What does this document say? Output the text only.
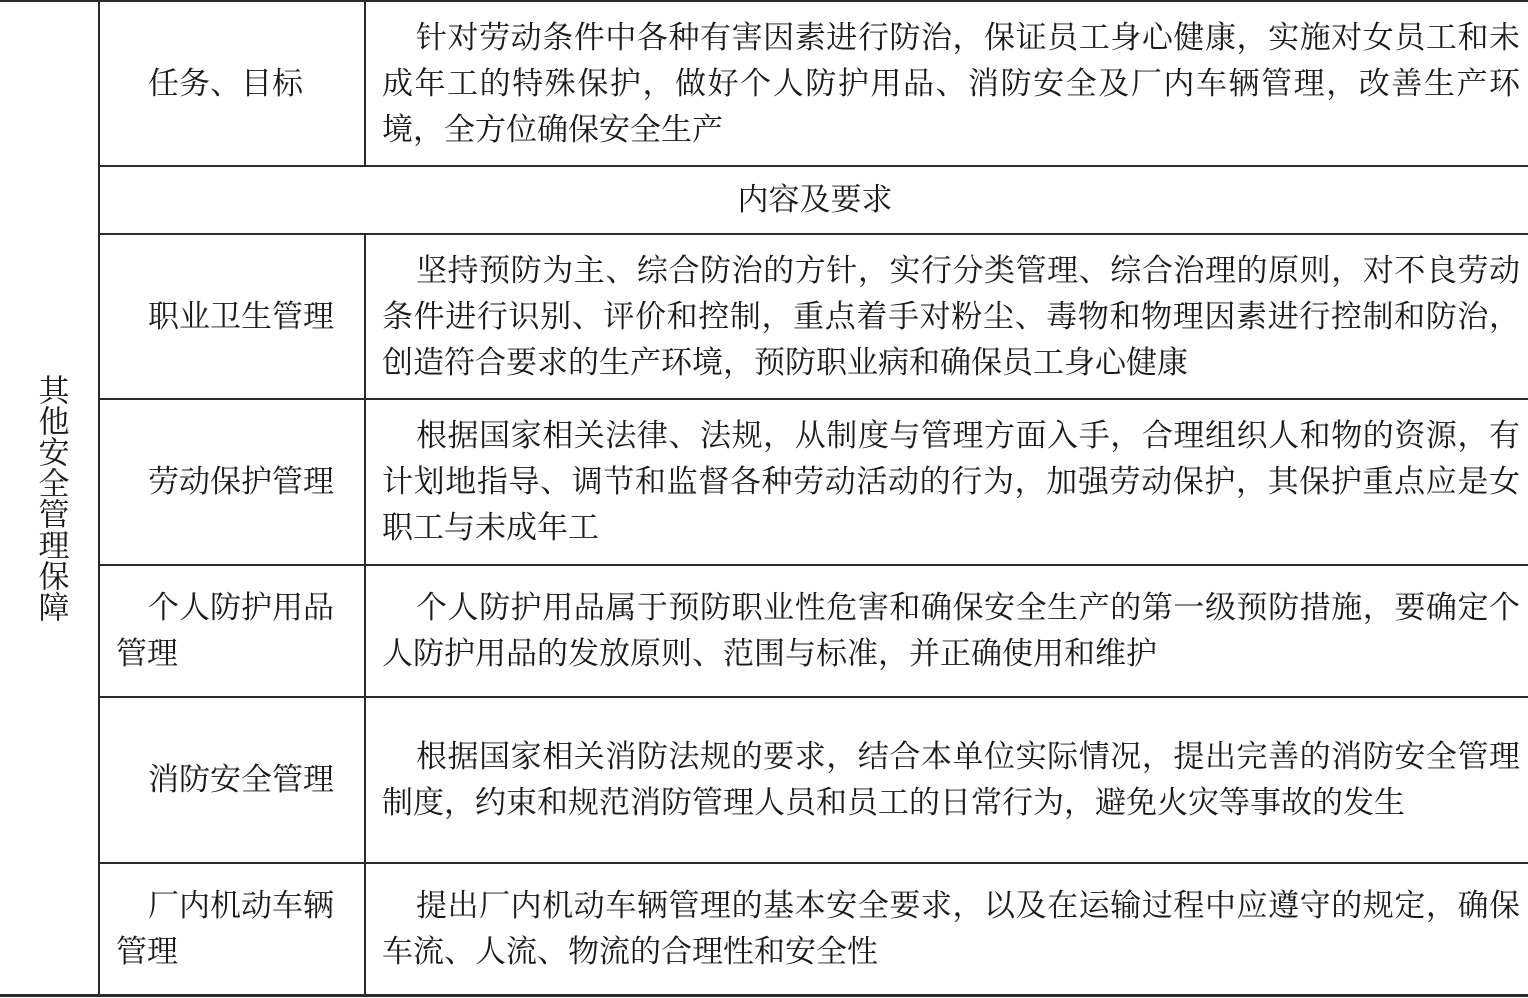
其他安全管理保障
任务、目标
针对劳动条件中各种有害因素进行防治，保证员工身心健康，实施对女员工和未成年工的特殊保护，做好个人防护用品、消防安全及厂内车辆管理，改善生产环境，全方位确保安全生产
内容及要求
职业卫生管理
坚持预防为主、综合防治的方针，实行分类管理、综合治理的原则，对不良劳动条件进行识别、评价和控制，重点着手对粉尘、毒物和物理因素进行控制和防治，创造符合要求的生产环境，预防职业病和确保员工身心健康
劳动保护管理
根据国家相关法律、法规，从制度与管理方面入手，合理组织人和物的资源，有计划地指导、调节和监督各种劳动活动的行为，加强劳动保护，其保护重点应是女职工与未成年工
个人防护用品管理
个人防护用品属于预防职业性危害和确保安全生产的第一级预防措施，要确定个人防护用品的发放原则、范围与标准，并正确使用和维护
消防安全管理
根据国家相关消防法规的要求，结合本单位实际情况，提出完善的消防安全管理制度，约束和规范消防管理人员和员工的日常行为，避免火灾等事故的发生
厂内机动车辆管理
提出厂内机动车辆管理的基本安全要求，以及在运输过程中应遵守的规定，确保车流、人流、物流的合理性和安全性
